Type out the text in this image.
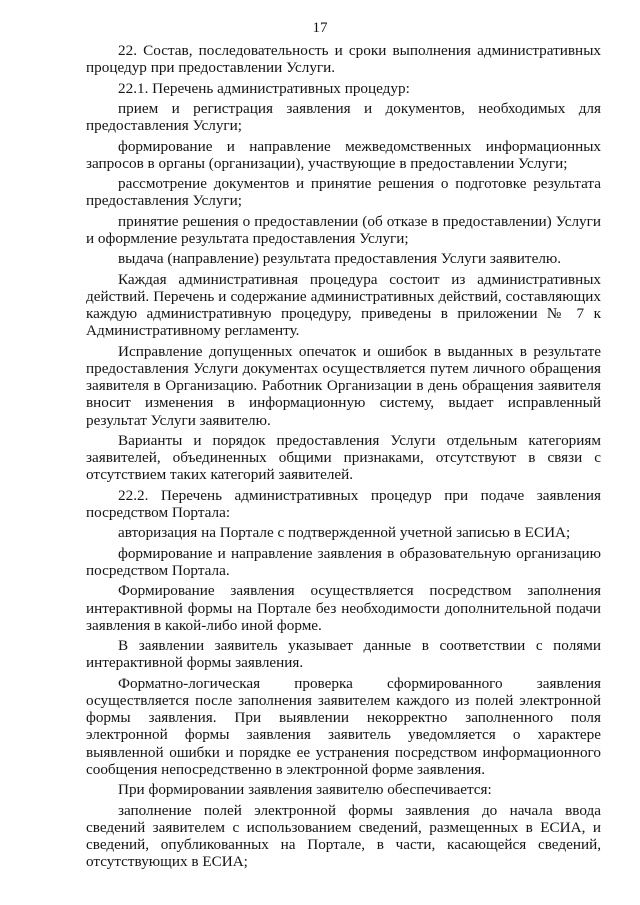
17

22. Состав, последовательность и сроки выполнения административных процедур при предоставлении Услуги.

22.1. Перечень административных процедур:

прием и регистрация заявления и документов, необходимых для предоставления Услуги;

формирование и направление межведомственных информационных запросов в органы (организации), участвующие в предоставлении Услуги;

рассмотрение документов и принятие решения о подготовке результата предоставления Услуги;

принятие решения о предоставлении (об отказе в предоставлении) Услуги и оформление результата предоставления Услуги;

выдача (направление) результата предоставления Услуги заявителю.

Каждая административная процедура состоит из административных действий. Перечень и содержание административных действий, составляющих каждую административную процедуру, приведены в приложении № 7 к Административному регламенту.

Исправление допущенных опечаток и ошибок в выданных в результате предоставления Услуги документах осуществляется путем личного обращения заявителя в Организацию. Работник Организации в день обращения заявителя вносит изменения в информационную систему, выдает исправленный результат Услуги заявителю.

Варианты и порядок предоставления Услуги отдельным категориям заявителей, объединенных общими признаками, отсутствуют в связи с отсутствием таких категорий заявителей.

22.2. Перечень административных процедур при подаче заявления посредством Портала:

авторизация на Портале с подтвержденной учетной записью в ЕСИА;

формирование и направление заявления в образовательную организацию посредством Портала.

Формирование заявления осуществляется посредством заполнения интерактивной формы на Портале без необходимости дополнительной подачи заявления в какой-либо иной форме.

В заявлении заявитель указывает данные в соответствии с полями интерактивной формы заявления.

Форматно-логическая проверка сформированного заявления осуществляется после заполнения заявителем каждого из полей электронной формы заявления. При выявлении некорректно заполненного поля электронной формы заявления заявитель уведомляется о характере выявленной ошибки и порядке ее устранения посредством информационного сообщения непосредственно в электронной форме заявления.

При формировании заявления заявителю обеспечивается:

заполнение полей электронной формы заявления до начала ввода сведений заявителем с использованием сведений, размещенных в ЕСИА, и сведений, опубликованных на Портале, в части, касающейся сведений, отсутствующих в ЕСИА;
